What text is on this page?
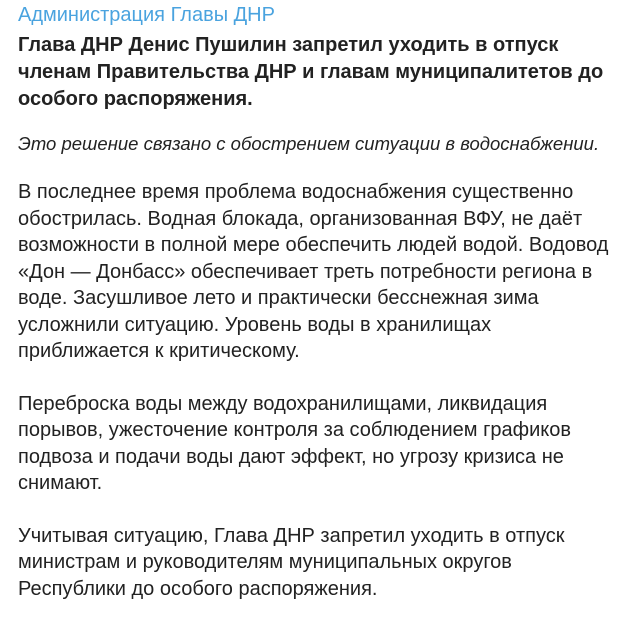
Администрация Главы ДНР
Глава ДНР Денис Пушилин запретил уходить в отпуск членам Правительства ДНР и главам муниципалитетов до особого распоряжения.
Это решение связано с обострением ситуации в водоснабжении.
В последнее время проблема водоснабжения существенно обострилась. Водная блокада, организованная ВФУ, не даёт возможности в полной мере обеспечить людей водой. Водовод «Дон — Донбасс» обеспечивает треть потребности региона в воде. Засушливое лето и практически бесснежная зима усложнили ситуацию. Уровень воды в хранилищах приближается к критическому.
Переброска воды между водохранилищами, ликвидация порывов, ужесточение контроля за соблюдением графиков подвоза и подачи воды дают эффект, но угрозу кризиса не снимают.
Учитывая ситуацию, Глава ДНР запретил уходить в отпуск министрам и руководителям муниципальных округов Республики до особого распоряжения.
